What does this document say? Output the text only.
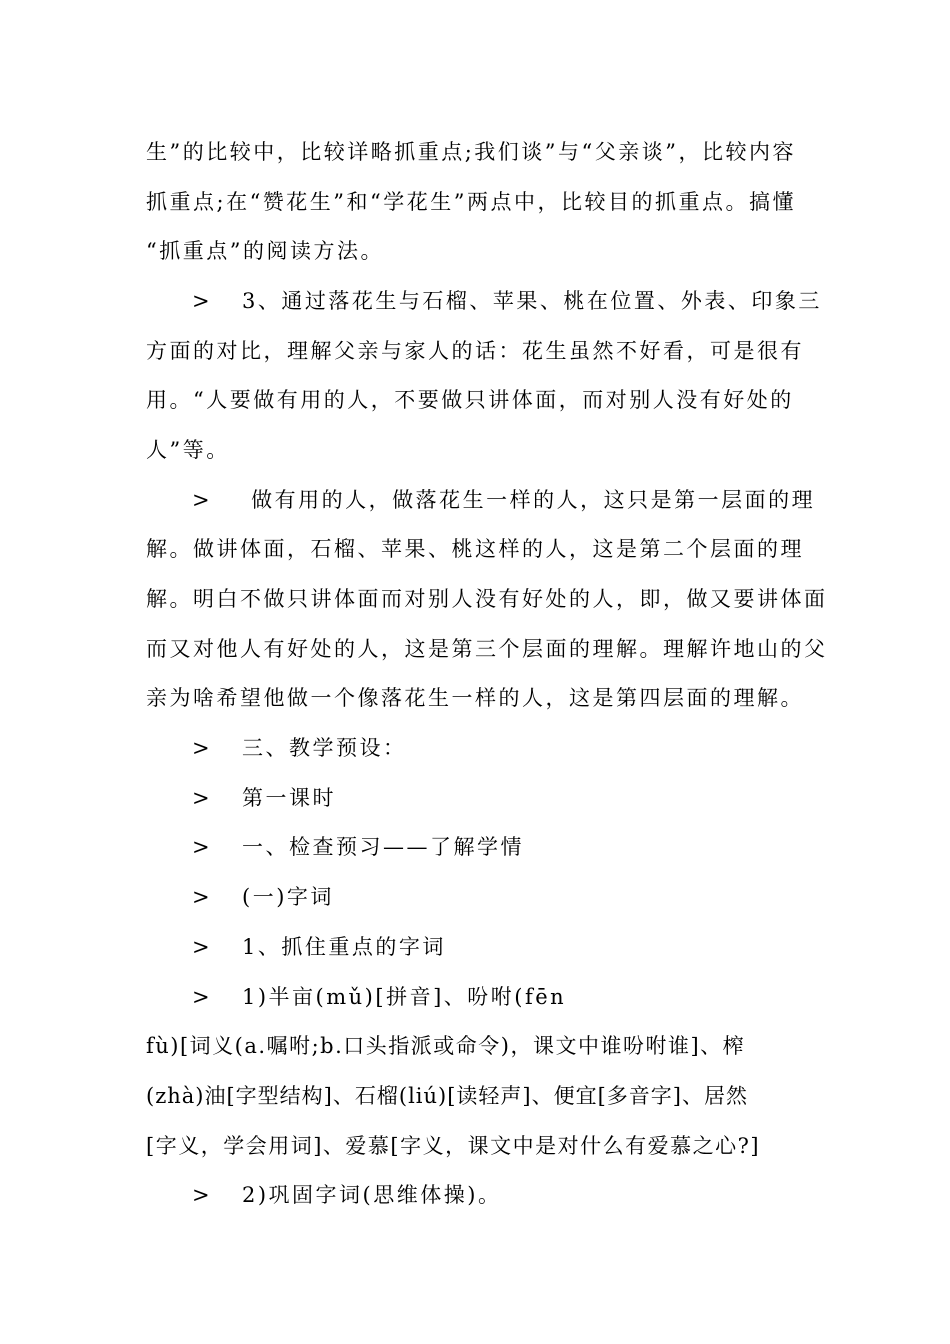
生”的比较中，比较详略抓重点;我们谈”与“父亲谈”，比较内容
抓重点;在“赞花生”和“学花生”两点中，比较目的抓重点。搞懂
“抓重点”的阅读方法。
> 3、通过落花生与石榴、苹果、桃在位置、外表、印象三
方面的对比，理解父亲与家人的话：花生虽然不好看，可是很有
用。“人要做有用的人，不要做只讲体面，而对别人没有好处的
人”等。
> 做有用的人，做落花生一样的人，这只是第一层面的理
解。做讲体面，石榴、苹果、桃这样的人，这是第二个层面的理
解。明白不做只讲体面而对别人没有好处的人，即，做又要讲体面
而又对他人有好处的人，这是第三个层面的理解。理解许地山的父
亲为啥希望他做一个像落花生一样的人，这是第四层面的理解。
> 三、教学预设：
> 第一课时
> 一、检查预习——了解学情
> (一)字词
> 1、抓住重点的字词
> 1)半亩(mǔ)[拼音]、吩咐(fēn
fù)[词义(a.嘱咐;b.口头指派或命令)，课文中谁吩咐谁]、榨
(zhà)油[字型结构]、石榴(liú)[读轻声]、便宜[多音字]、居然
[字义，学会用词]、爱慕[字义，课文中是对什么有爱慕之心?]
> 2)巩固字词(思维体操)。
